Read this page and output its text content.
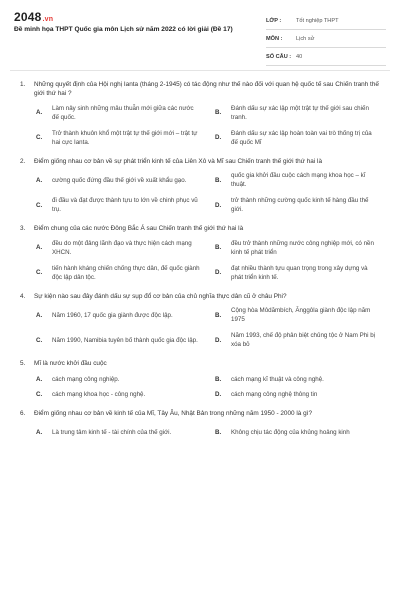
2048.vn
Đề minh họa THPT Quốc gia môn Lịch sử năm 2022 có lời giải (Đề 17)
LỚP :	Tốt nghiệp THPT
MÔN :	Lịch sử
SỐ CÂU : 40
1.	Những quyết định của Hội nghị Ianta (tháng 2-1945) có tác động như thế nào đối với quan hệ quốc tế sau Chiến tranh thế giới thứ hai ?
A.
Làm nảy sinh những mâu thuẫn mới giữa các nước đế quốc.
B.
Đánh dấu sự xác lập một trật tự thế giới sau chiến tranh.
C.
Trở thành khuôn khổ một trật tự thế giới mới – trật tự hai cực Ianta.
D.
Đánh dấu sự xác lập hoàn toàn vai trò thống trị của đế quốc Mĩ
2.	Điểm giống nhau cơ bản về sự phát triển kinh tế của Liên Xô và Mĩ sau Chiến tranh thế giới thứ hai là
A.	cường quốc đứng đầu thế giới về xuất khẩu gạo.	B.
quốc gia khởi đầu cuộc cách mạng khoa học – kĩ thuật.
C.
đi đầu và đạt được thành tựu to lớn về chinh phục vũ trụ.
D.
trở thành những cường quốc kinh tế hàng đầu thế giới.
3.	Điểm chung của các nước Đông Bắc Á sau Chiến tranh thế giới thứ hai là
A.
đều do một đảng lãnh đạo và thực hiện cách mạng XHCN.
B.
đều trở thành những nước công nghiệp mới, có nền kinh tế phát triển
C.
tiến hành kháng chiến chống thực dân, đế quốc giành độc lập dân tộc.
D.
đạt nhiều thành tựu quan trọng trong xây dựng và phát triển kinh tế.
4.	Sự kiện nào sau đây đánh dấu sự sụp đổ cơ bản của chủ nghĩa thực dân cũ ở châu Phi?
A.	Năm 1960, 17 quốc gia giành được độc lập.	B.
Cộng hòa Môdămbích, Ănggôla giành độc lập năm 1975
C.	Năm 1990, Namibia tuyên bố thành quốc gia độc lập.	D.
Năm 1993, chế độ phân biệt chủng tộc ở Nam Phi bị xóa bỏ
5.	Mĩ là nước khởi đầu cuộc
A.	cách mạng công nghiệp.	B.	cách mạng kĩ thuật và công nghệ.
C.	cách mạng khoa học - công nghệ.	D.	cách mạng công nghệ thông tin
6.	Điểm giống nhau cơ bản về kinh tế của Mĩ, Tây Âu, Nhật Bản trong những năm 1950 - 2000 là gì?
A.	Là trung tâm kinh tế - tài chính của thế giới.	B.	Không chịu tác động của khủng hoảng kinh
